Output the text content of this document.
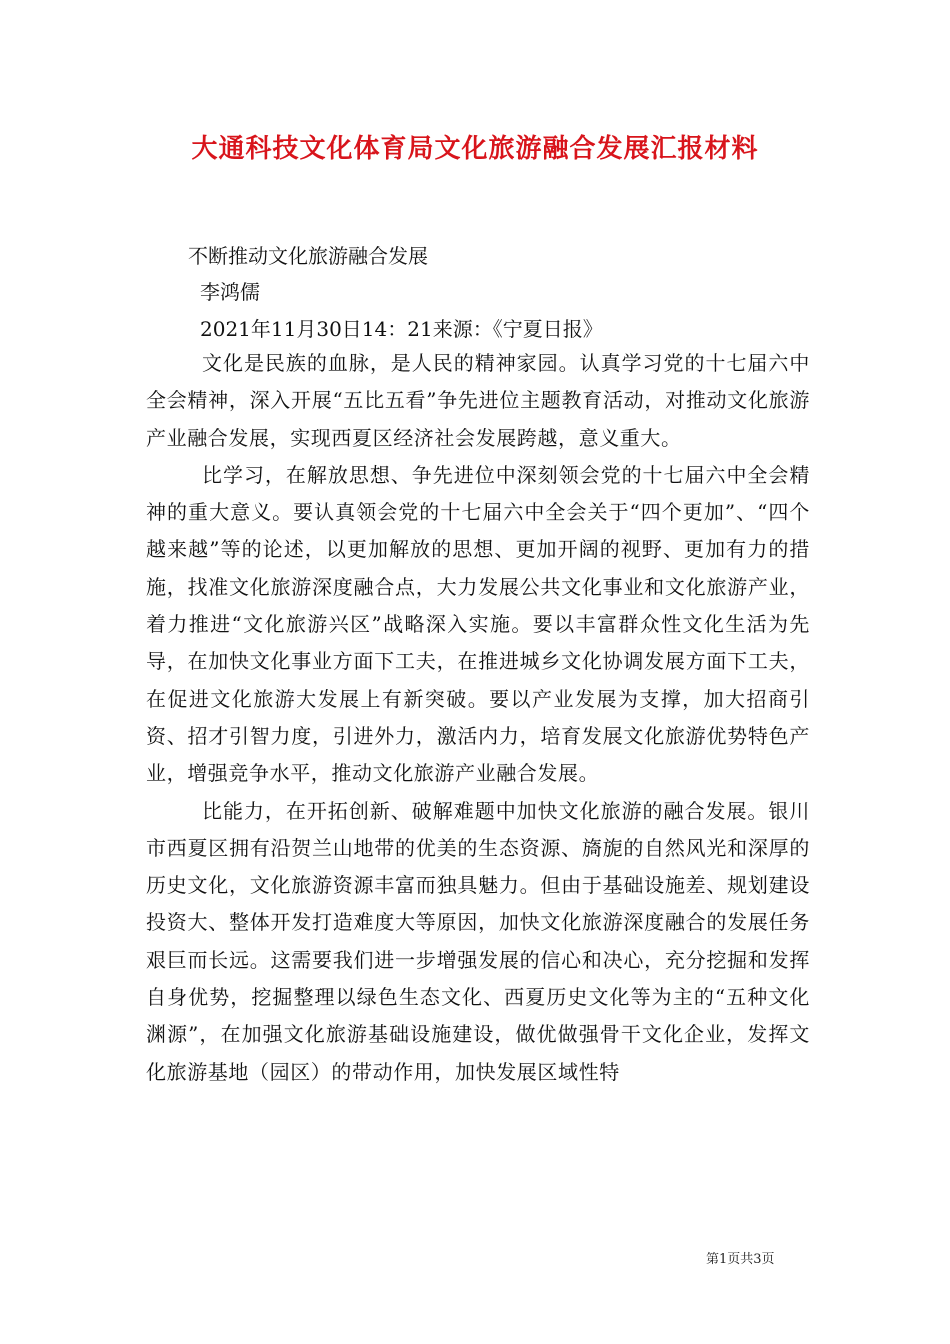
大通科技文化体育局文化旅游融合发展汇报材料
不断推动文化旅游融合发展
李鸿儒
2021年11月30日14：21来源：《宁夏日报》

文化是民族的血脉，是人民的精神家园。认真学习党的十七届六中全会精神，深入开展“五比五看”争先进位主题教育活动，对推动文化旅游产业融合发展，实现西夏区经济社会发展跨越，意义重大。

比学习，在解放思想、争先进位中深刻领会党的十七届六中全会精神的重大意义。要认真领会党的十七届六中全会关于“四个更加”、“四个越来越”等的论述，以更加解放的思想、更加开阔的视野、更加有力的措施，找准文化旅游深度融合点，大力发展公共文化事业和文化旅游产业，着力推进“文化旅游兴区”战略深入实施。要以丰富群众性文化生活为先导，在加快文化事业方面下工夫，在推进城乡文化协调发展方面下工夫，在促进文化旅游大发展上有新突破。要以产业发展为支撑，加大招商引资、招才引智力度，引进外力，激活内力，培育发展文化旅游优势特色产业，增强竞争水平，推动文化旅游产业融合发展。

比能力，在开拓创新、破解难题中加快文化旅游的融合发展。银川市西夏区拥有沿贺兰山地带的优美的生态资源、旖旎的自然风光和深厚的历史文化，文化旅游资源丰富而独具魅力。但由于基础设施差、规划建设投资大、整体开发打造难度大等原因，加快文化旅游深度融合的发展任务艰巨而长远。这需要我们进一步增强发展的信心和决心，充分挖掘和发挥自身优势，挖掘整理以绿色生态文化、西夏历史文化等为主的“五种文化渊源”，在加强文化旅游基础设施建设，做优做强骨干文化企业，发挥文化旅游基地（园区）的带动作用，加快发展区域性特

第1页共3页
